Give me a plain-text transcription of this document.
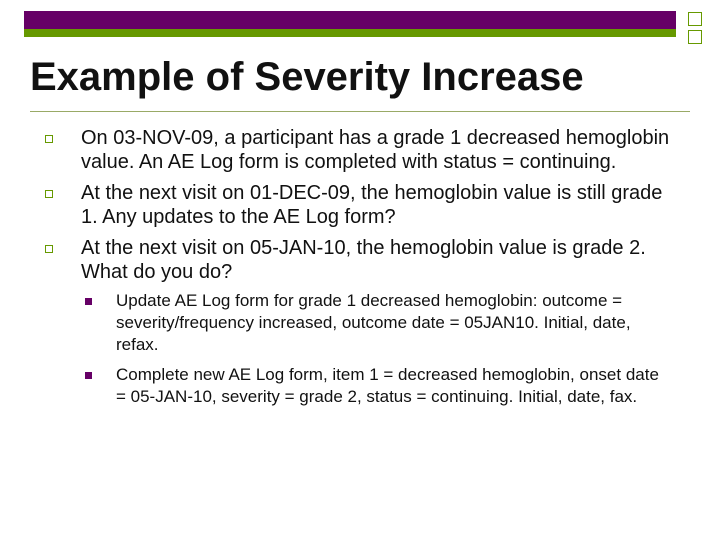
Example of Severity Increase
On 03-NOV-09, a participant has a grade 1 decreased hemoglobin value. An AE Log form is completed with status = continuing.
At the next visit on 01-DEC-09, the hemoglobin value is still grade 1. Any updates to the AE Log form?
At the next visit on 05-JAN-10, the hemoglobin value is grade 2. What do you do?
Update AE Log form for grade 1 decreased hemoglobin: outcome = severity/frequency increased, outcome date = 05JAN10. Initial, date, refax.
Complete new AE Log form, item 1 = decreased hemoglobin, onset date = 05-JAN-10, severity = grade 2, status = continuing. Initial, date, fax.
